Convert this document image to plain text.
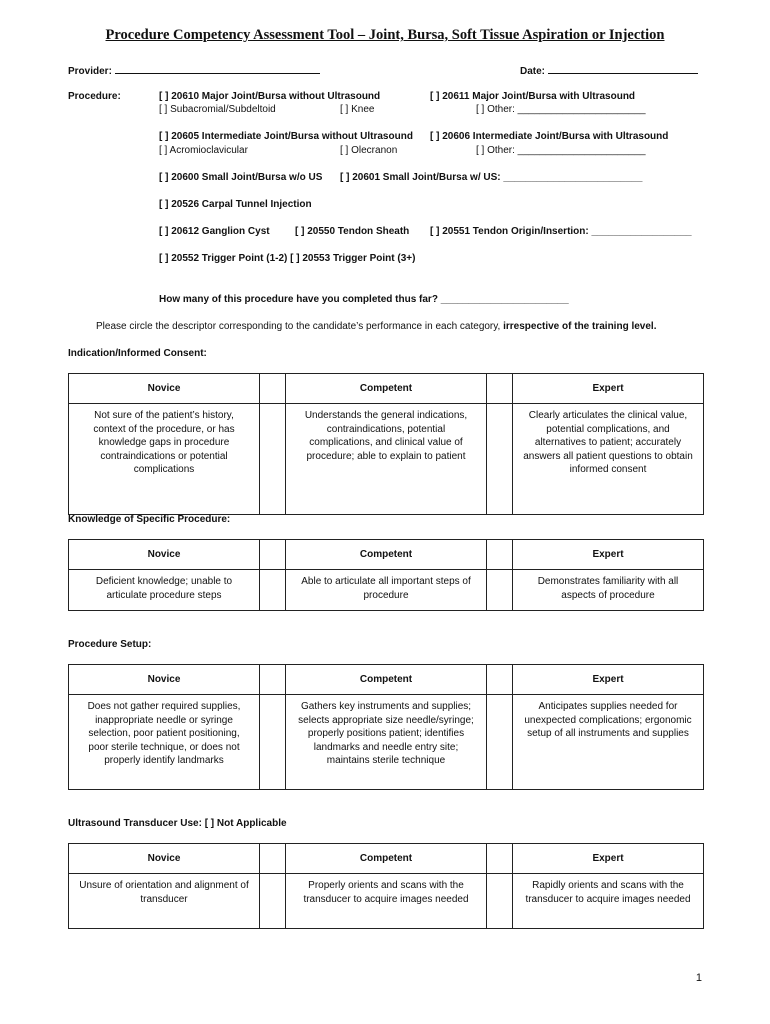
Procedure Competency Assessment Tool – Joint, Bursa, Soft Tissue Aspiration or Injection
Provider:	Date:
Procedure:	[ ] 20610 Major Joint/Bursa without Ultrasound
[ ] Subacromial/Subdeltoid	[ ] Knee
[ ] 20611 Major Joint/Bursa with Ultrasound
[ ] Other: _______________________
[ ] 20605 Intermediate Joint/Bursa without Ultrasound
[ ] Acromioclavicular	[ ] Olecranon
[ ] 20606 Intermediate Joint/Bursa with Ultrasound
[ ] Other: _______________________
[ ] 20600 Small Joint/Bursa w/o US [ ] 20601 Small Joint/Bursa w/ US: _________________________
[ ] 20526 Carpal Tunnel Injection
[ ] 20612 Ganglion Cyst	[ ] 20550 Tendon Sheath [ ] 20551 Tendon Origin/Insertion: __________________
[ ] 20552 Trigger Point (1-2) [ ] 20553 Trigger Point (3+)
How many of this procedure have you completed thus far? _______________________
Please circle the descriptor corresponding to the candidate’s performance in each category, irrespective of the training level.
Indication/Informed Consent:
Novice		Competent		Expert

Not sure of the patient’s history, context of the procedure, or has knowledge gaps in procedure contraindications or potential complications		Understands the general indications, contraindications, potential complications, and clinical value of procedure; able to explain to patient		Clearly articulates the clinical value, potential complications, and alternatives to patient; accurately answers all patient questions to obtain informed consent
Knowledge of Specific Procedure:
Novice		Competent		Expert

Deficient knowledge; unable to articulate procedure steps		Able to articulate all important steps of procedure		Demonstrates familiarity with all aspects of procedure
Procedure Setup:
Novice		Competent		Expert

Does not gather required supplies, inappropriate needle or syringe selection, poor patient positioning, poor sterile technique, or does not properly identify landmarks		Gathers key instruments and supplies; selects appropriate size needle/syringe; properly positions patient; identifies landmarks and needle entry site; maintains sterile technique		Anticipates supplies needed for unexpected complications; ergonomic setup of all instruments and supplies
Ultrasound Transducer Use: [ ] Not Applicable
Novice		Competent		Expert

Unsure of orientation and alignment of transducer		Properly orients and scans with the transducer to acquire images needed		Rapidly orients and scans with the transducer to acquire images needed
1
